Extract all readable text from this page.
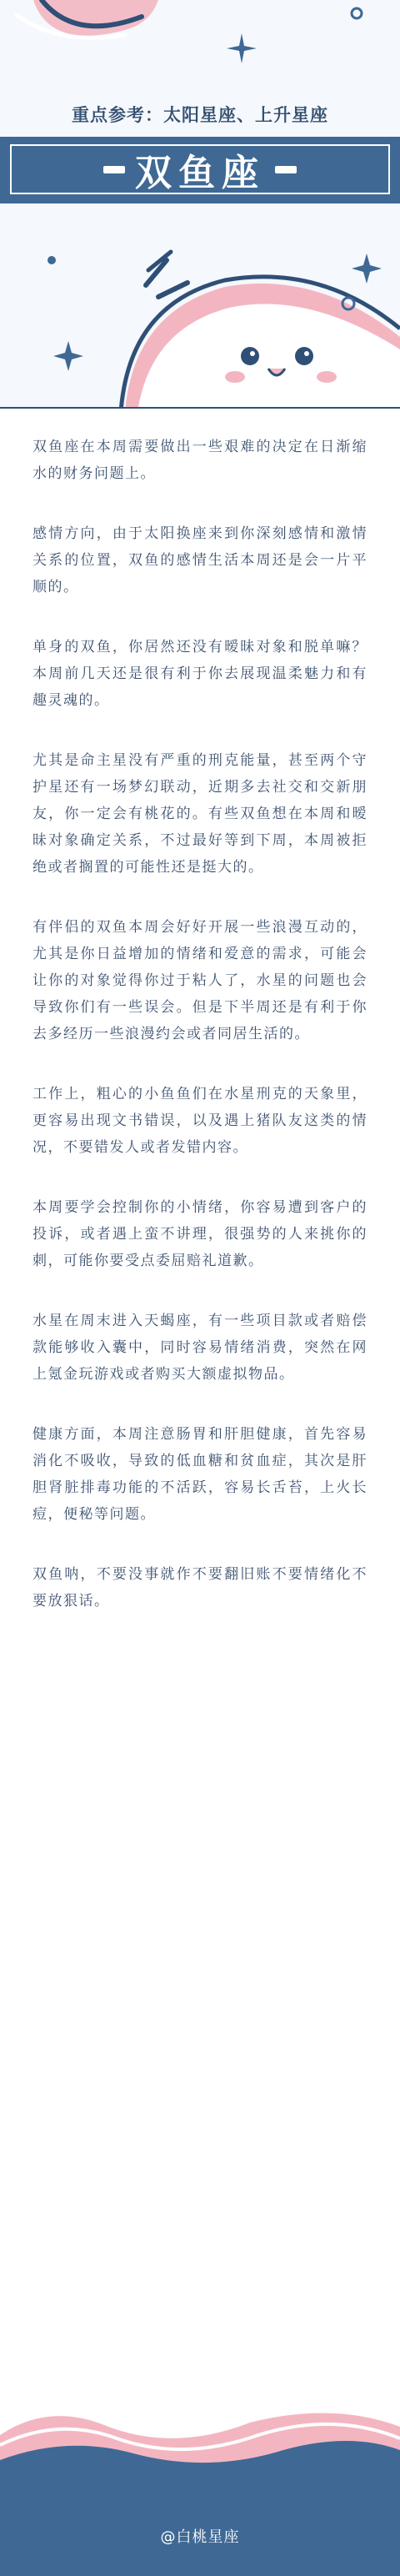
重点参考：太阳星座、上升星座
双鱼座

双鱼座在本周需要做出一些艰难的决定在日渐缩水的财务问题上。

感情方向，由于太阳换座来到你深刻感情和激情关系的位置，双鱼的感情生活本周还是会一片平顺的。

单身的双鱼，你居然还没有暧昧对象和脱单嘛？本周前几天还是很有利于你去展现温柔魅力和有趣灵魂的。

尤其是命主星没有严重的刑克能量，甚至两个守护星还有一场梦幻联动，近期多去社交和交新朋友，你一定会有桃花的。有些双鱼想在本周和暧昧对象确定关系，不过最好等到下周，本周被拒绝或者搁置的可能性还是挺大的。

有伴侣的双鱼本周会好好开展一些浪漫互动的，尤其是你日益增加的情绪和爱意的需求，可能会让你的对象觉得你过于粘人了，水星的问题也会导致你们有一些误会。但是下半周还是有利于你去多经历一些浪漫约会或者同居生活的。

工作上，粗心的小鱼鱼们在水星刑克的天象里，更容易出现文书错误，以及遇上猪队友这类的情况，不要错发人或者发错内容。

本周要学会控制你的小情绪，你容易遭到客户的投诉，或者遇上蛮不讲理，很强势的人来挑你的刺，可能你要受点委屈赔礼道歉。

水星在周末进入天蝎座，有一些项目款或者赔偿款能够收入囊中，同时容易情绪消费，突然在网上氪金玩游戏或者购买大额虚拟物品。

健康方面，本周注意肠胃和肝胆健康，首先容易消化不吸收，导致的低血糖和贫血症，其次是肝胆肾脏排毒功能的不活跃，容易长舌苔，上火长痘，便秘等问题。

双鱼呐，不要没事就作不要翻旧账不要情绪化不要放狠话。

@白桃星座
